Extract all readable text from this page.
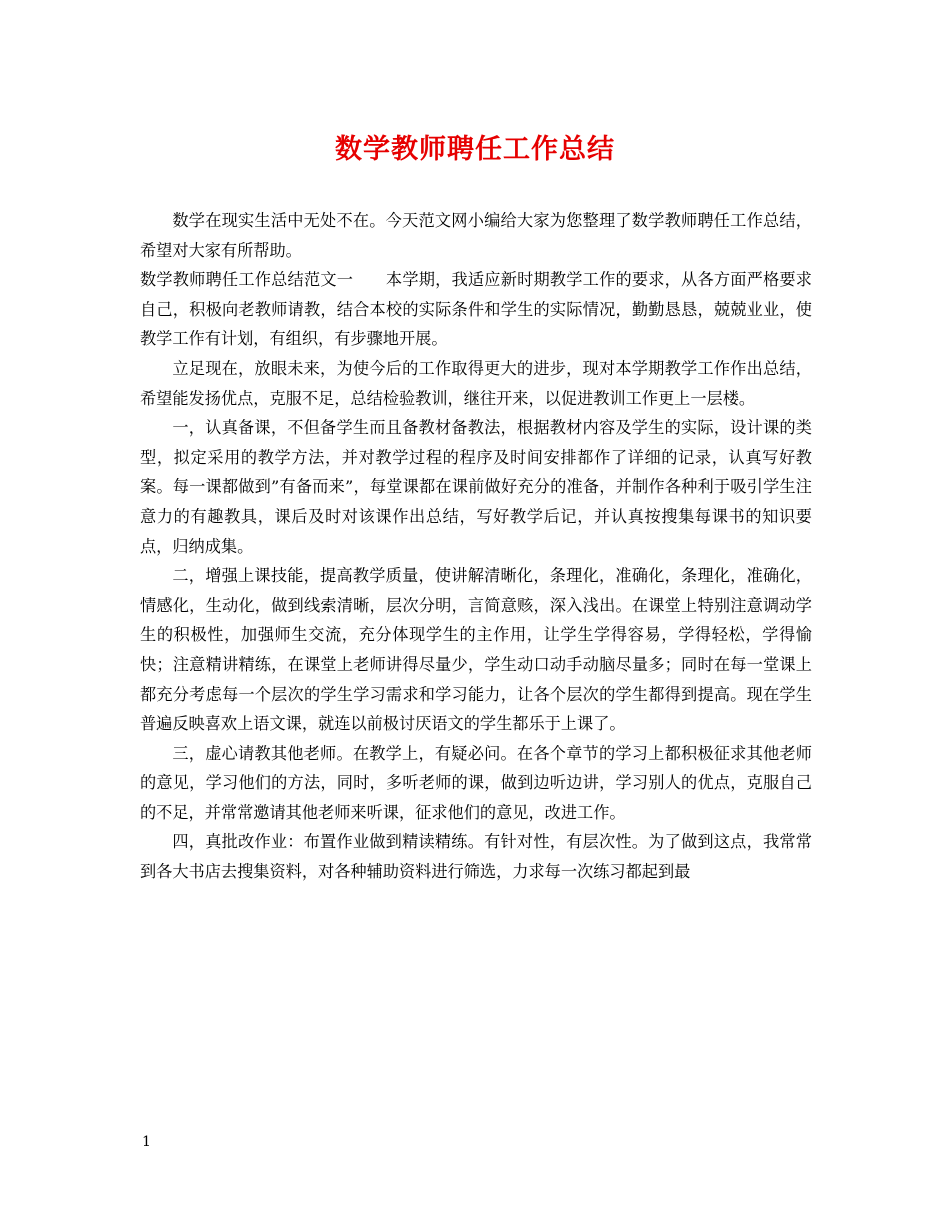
数学教师聘任工作总结

数学在现实生活中无处不在。今天范文网小编给大家为您整理了数学教师聘任工作总结，希望对大家有所帮助。

数学教师聘任工作总结范文一　　本学期，我适应新时期教学工作的要求，从各方面严格要求自己，积极向老教师请教，结合本校的实际条件和学生的实际情况，勤勤恳恳，兢兢业业，使教学工作有计划，有组织，有步骤地开展。

立足现在，放眼未来，为使今后的工作取得更大的进步，现对本学期教学工作作出总结，希望能发扬优点，克服不足，总结检验教训，继往开来，以促进教训工作更上一层楼。

一，认真备课，不但备学生而且备教材备教法，根据教材内容及学生的实际，设计课的类型，拟定采用的教学方法，并对教学过程的程序及时间安排都作了详细的记录，认真写好教案。每一课都做到”有备而来”，每堂课都在课前做好充分的准备，并制作各种利于吸引学生注意力的有趣教具，课后及时对该课作出总结，写好教学后记，并认真按搜集每课书的知识要点，归纳成集。

二，增强上课技能，提高教学质量，使讲解清晰化，条理化，准确化，条理化，准确化，情感化，生动化，做到线索清晰，层次分明，言简意赅，深入浅出。在课堂上特别注意调动学生的积极性，加强师生交流，充分体现学生的主作用，让学生学得容易，学得轻松，学得愉快；注意精讲精练，在课堂上老师讲得尽量少，学生动口动手动脑尽量多；同时在每一堂课上都充分考虑每一个层次的学生学习需求和学习能力，让各个层次的学生都得到提高。现在学生普遍反映喜欢上语文课，就连以前极讨厌语文的学生都乐于上课了。

三，虚心请教其他老师。在教学上，有疑必问。在各个章节的学习上都积极征求其他老师的意见，学习他们的方法，同时，多听老师的课，做到边听边讲，学习别人的优点，克服自己的不足，并常常邀请其他老师来听课，征求他们的意见，改进工作。

四，真批改作业：布置作业做到精读精练。有针对性，有层次性。为了做到这点，我常常到各大书店去搜集资料，对各种辅助资料进行筛选，力求每一次练习都起到最

1
